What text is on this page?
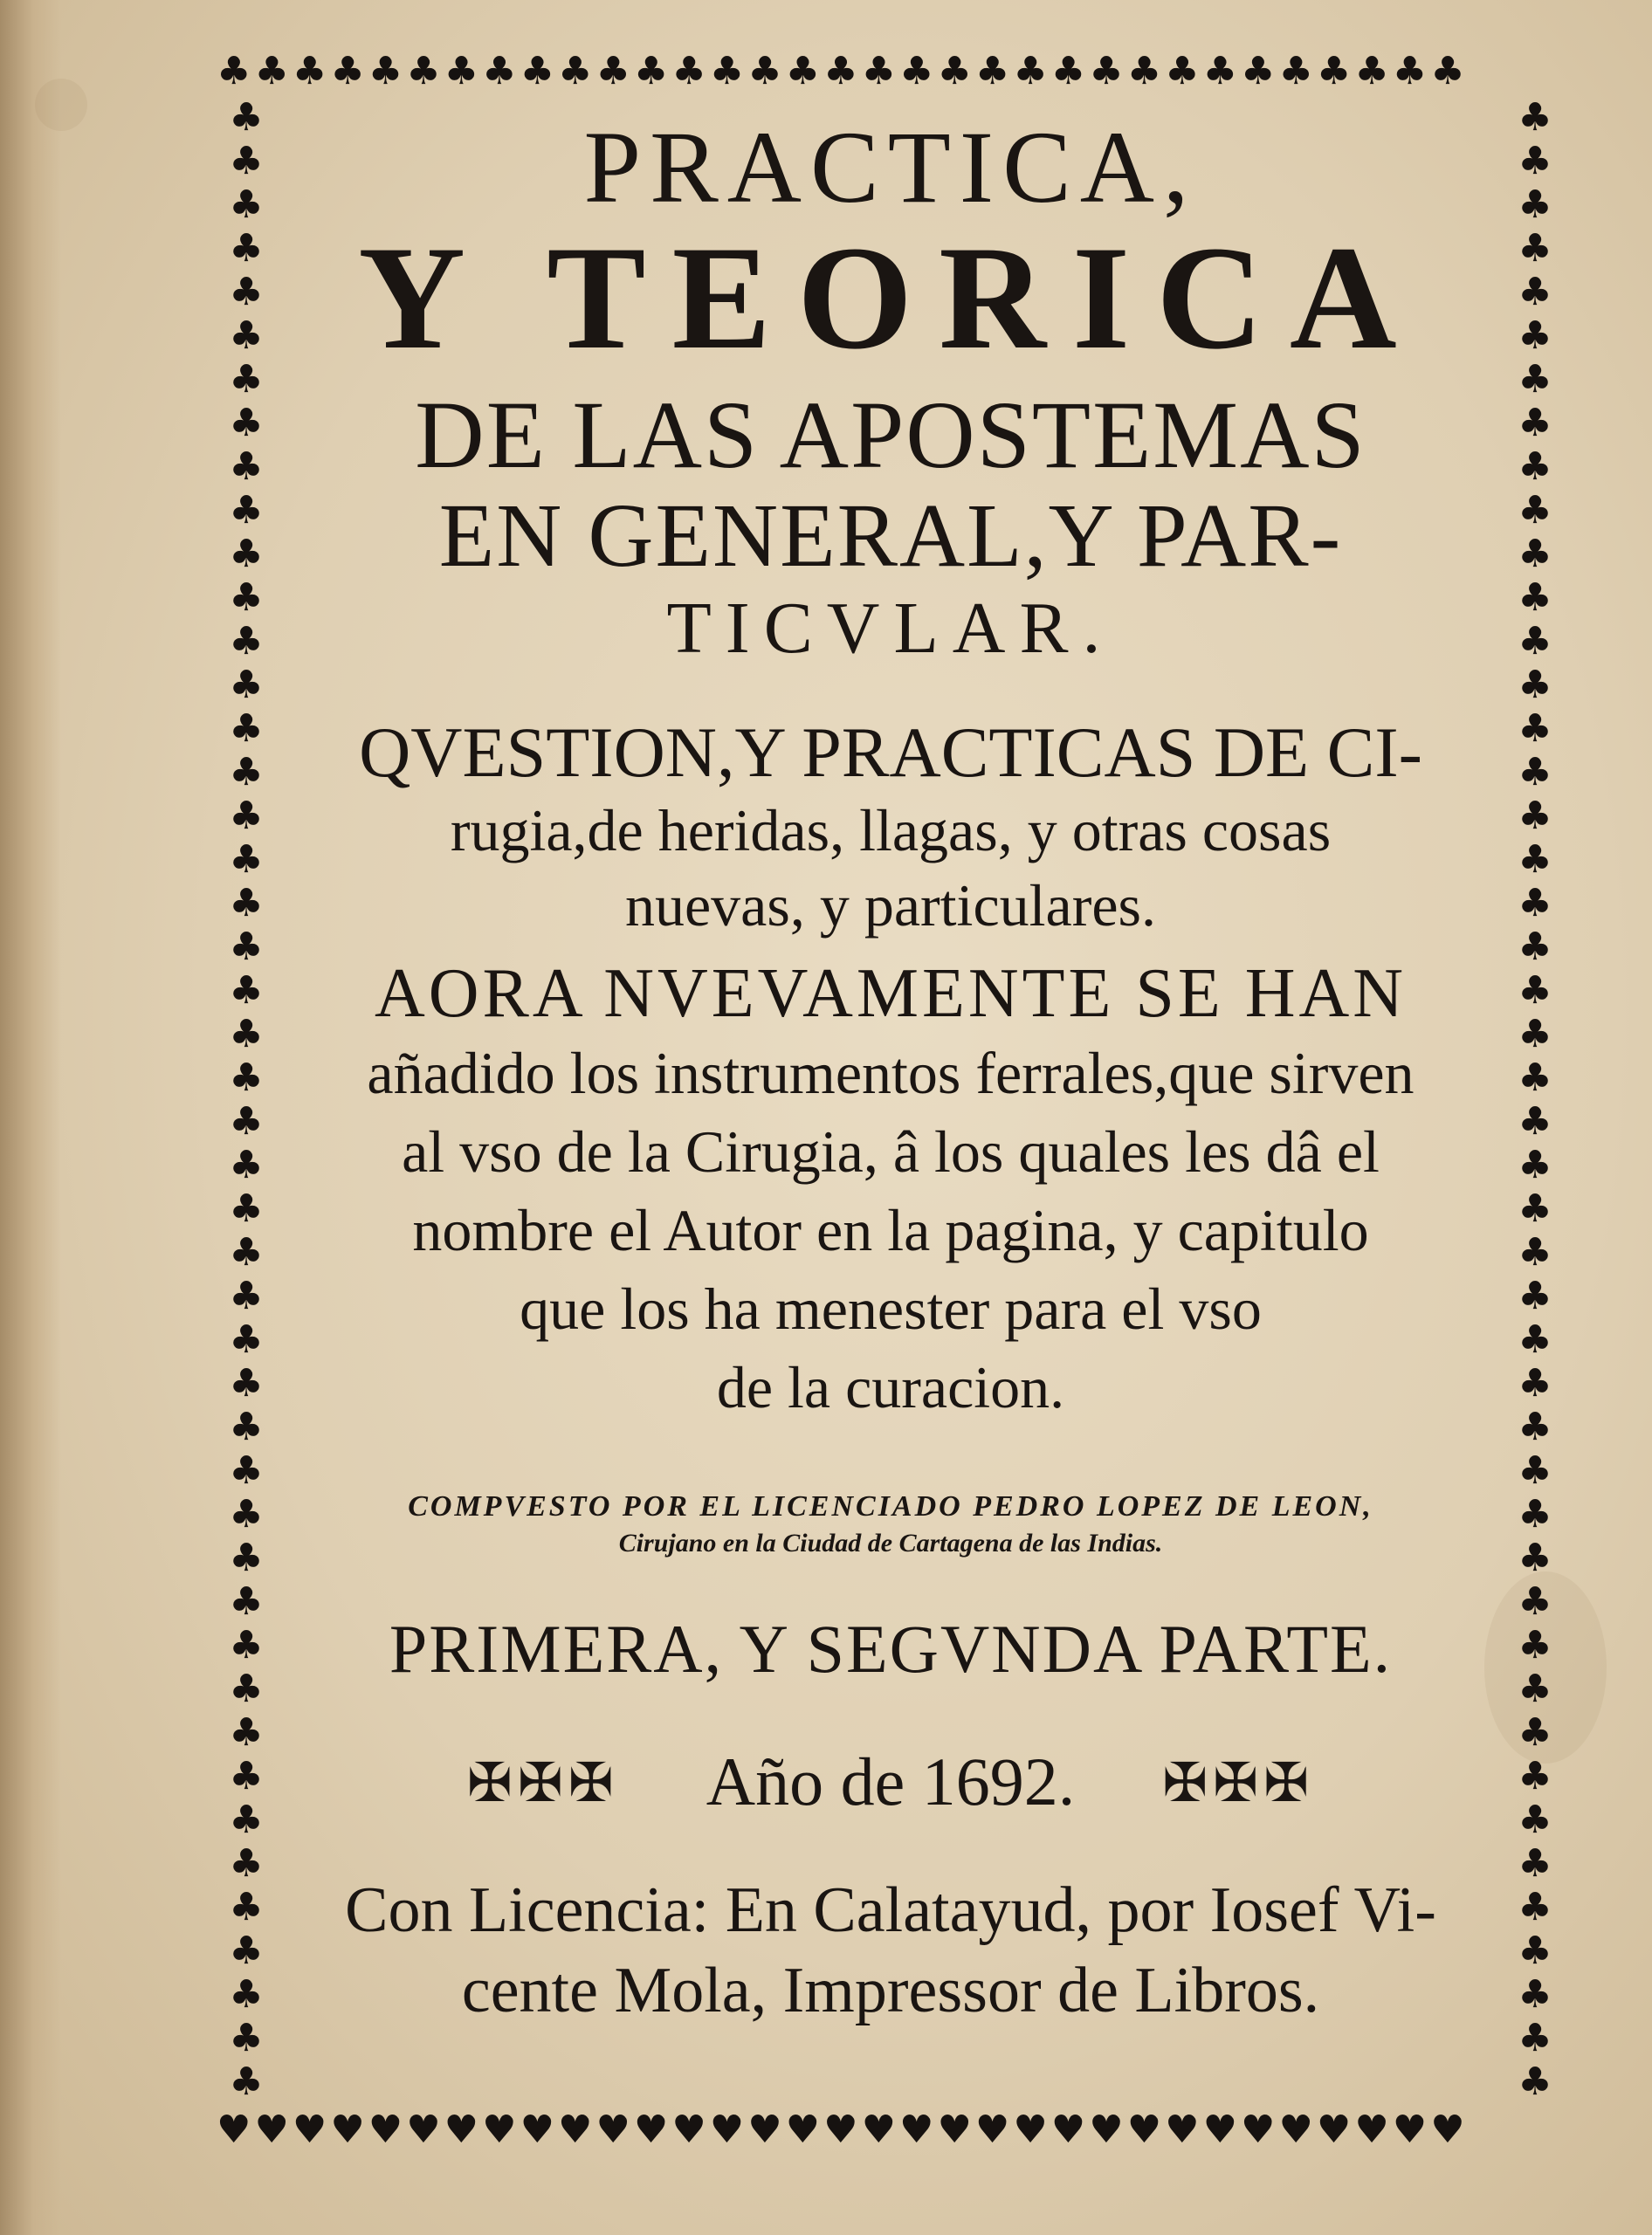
♣♣♣♣♣♣♣♣♣♣♣♣♣♣♣♣♣♣♣♣♣♣♣♣♣♣♣♣♣♣♣♣♣
♥♥♥♥♥♥♥♥♥♥♥♥♥♥♥♥♥♥♥♥♥♥♥♥♥♥♥♥♥♥♥♥♥
♣♣♣♣♣♣♣♣♣♣♣♣♣♣♣♣♣♣♣♣♣♣♣♣♣♣♣♣♣♣♣♣♣♣♣♣♣♣♣♣♣♣♣♣♣♣
♣♣♣♣♣♣♣♣♣♣♣♣♣♣♣♣♣♣♣♣♣♣♣♣♣♣♣♣♣♣♣♣♣♣♣♣♣♣♣♣♣♣♣♣♣♣
PRACTICA,
Y TEORICA
DE LAS APOSTEMAS
EN GENERAL,Y PAR-
TICVLAR.
QVESTION,Y PRACTICAS DE CI-
rugia,de heridas, llagas, y otras cosas
nuevas, y particulares.
AORA NVEVAMENTE SE HAN
añadido los instrumentos ferrales,que sirven
al vso de la Cirugia, â los quales les dâ el
nombre el Autor en la pagina, y capitulo
que los ha menester para el vso
de la curacion.
COMPVESTO POR EL LICENCIADO PEDRO LOPEZ DE LEON,
Cirujano en la Ciudad de Cartagena de las Indias.
PRIMERA, Y SEGVNDA PARTE.
✠✠✠ Año de 1692. ✠✠✠
Con Licencia: En Calatayud, por Iosef Vi-
cente Mola, Impressor de Libros.
